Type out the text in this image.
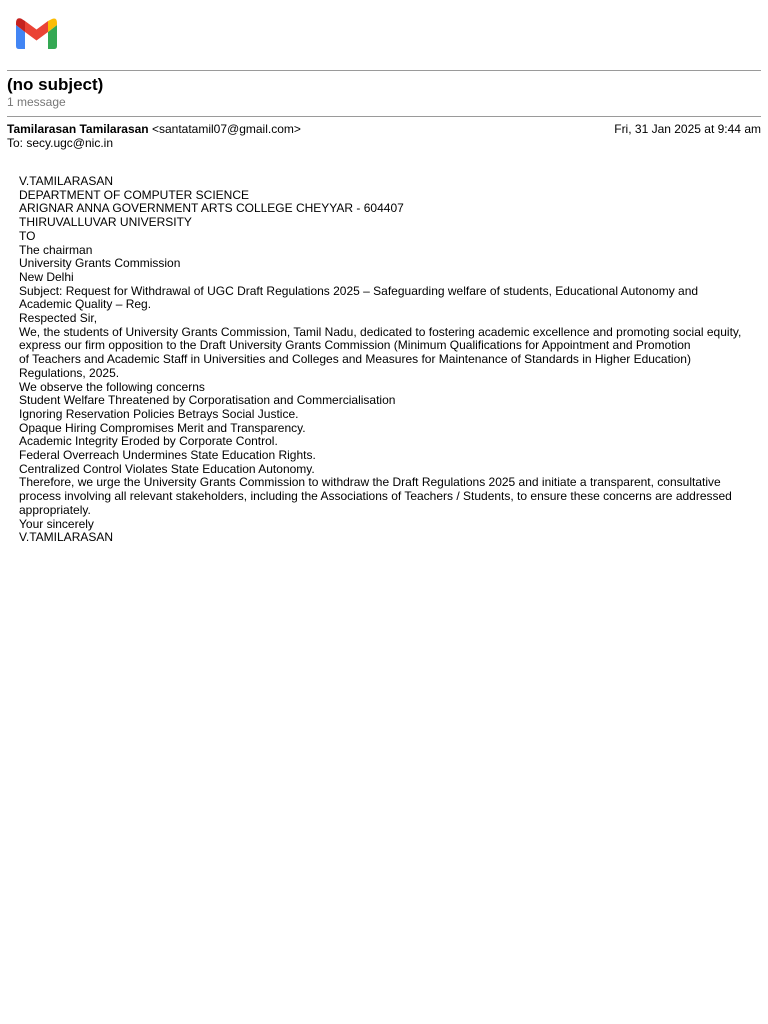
(no subject)
1 message
Tamilarasan Tamilarasan <santatamil07@gmail.com>	Fri, 31 Jan 2025 at 9:44 am
To: secy.ugc@nic.in
V.TAMILARASAN
DEPARTMENT OF COMPUTER SCIENCE
ARIGNAR ANNA GOVERNMENT ARTS COLLEGE CHEYYAR - 604407
THIRUVALLUVAR UNIVERSITY
TO
The chairman
University Grants Commission
New Delhi
Subject: Request for Withdrawal of UGC Draft Regulations 2025 – Safeguarding welfare of students, Educational Autonomy and Academic Quality – Reg.
Respected Sir,
We, the students of University Grants Commission, Tamil Nadu, dedicated to fostering academic excellence and promoting social equity, express our firm opposition to the Draft University Grants Commission (Minimum Qualifications for Appointment and Promotion
of Teachers and Academic Staff in Universities and Colleges and Measures for Maintenance of Standards in Higher Education) Regulations, 2025.
We observe the following concerns
Student Welfare Threatened by Corporatisation and Commercialisation
Ignoring Reservation Policies Betrays Social Justice.
Opaque Hiring Compromises Merit and Transparency.
Academic Integrity Eroded by Corporate Control.
Federal Overreach Undermines State Education Rights.
Centralized Control Violates State Education Autonomy.
Therefore, we urge the University Grants Commission to withdraw the Draft Regulations 2025 and initiate a transparent, consultative
process involving all relevant stakeholders, including the Associations of Teachers / Students, to ensure these concerns are addressed
appropriately.
Your sincerely
V.TAMILARASAN
